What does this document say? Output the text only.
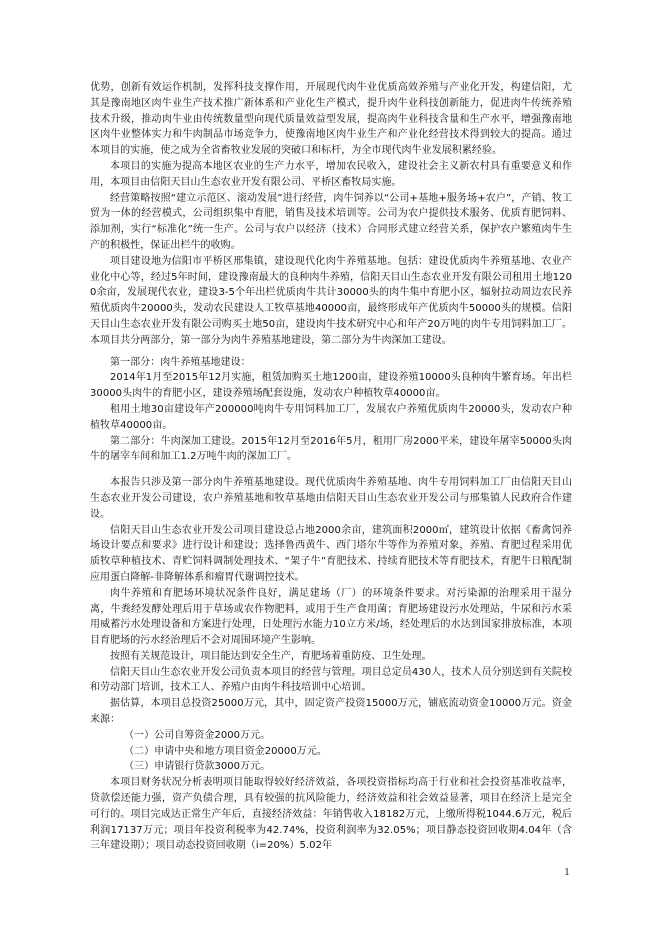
优势，创新有效运作机制，发挥科技支撑作用，开展现代肉牛业优质高效养殖与产业化开发，构建信阳，尤其是豫南地区肉牛业生产技术推广新体系和产业化生产模式，提升肉牛业科技创新能力，促进肉牛传统养殖技术升级，推动肉牛业由传统数量型向现代质量效益型发展，提高肉牛业科技含量和生产水平，增强豫南地区肉牛业整体实力和牛肉制品市场竞争力，使豫南地区肉牛业生产和产业化经营技术得到较大的提高。通过本项目的实施，使之成为全省畜牧业发展的突破口和标杆，为全市现代肉牛业发展积累经验。

本项目的实施为提高本地区农业的生产力水平，增加农民收入，建设社会主义新农村具有重要意义和作用，本项目由信阳天目山生态农业开发有限公司、平桥区畜牧局实施。

经营策略按照“建立示范区、滚动发展”进行经营，肉牛饲养以“公司+基地+服务场+农户”，产销、牧工贸为一体的经营模式，公司组织集中育肥，销售及技术培训等。公司为农户提供技术服务、优质育肥饲料、添加剂，实行“标准化”统一生产。公司与农户以经济（技术）合同形式建立经营关系，保护农户繁殖肉牛生产的积极性，保证出栏牛的收购。

项目建设地为信阳市平桥区邢集镇，建设现代化肉牛养殖基地。包括：建设优质肉牛养殖基地、农业产业化中心等，经过5年时间，建设豫南最大的良种肉牛养殖，信阳天目山生态农业开发有限公司租用土地1200余亩，发展现代农业，建设3-5个年出栏优质肉牛共计30000头的肉牛集中育肥小区，辐射拉动周边农民养殖优质肉牛20000头，发动农民建设人工牧草基地40000亩，最终形成年产优质肉牛50000头的规模。信阳天目山生态农业开发有限公司购买土地50亩，建设肉牛技术研究中心和年产20万吨的肉牛专用饲料加工厂。本项目共分两部分，第一部分为肉牛养殖基地建设，第二部分为牛肉深加工建设。

第一部分：肉牛养殖基地建设：

2014年1月至2015年12月实施，租赁加购买土地1200亩，建设养殖10000头良种肉牛繁育场。年出栏30000头肉牛的育肥小区，建设养殖场配套设施，发动农户种植牧草40000亩。

租用土地30亩建设年产200000吨肉牛专用饲料加工厂，发展农户养殖优质肉牛20000头，发动农户种植牧草40000亩。

第二部分：牛肉深加工建设。2015年12月至2016年5月，租用厂房2000平米，建设年屠宰50000头肉牛的屠宰车间和加工1.2万吨牛肉的深加工厂。

本报告只涉及第一部分肉牛养殖基地建设。现代优质肉牛养殖基地、肉牛专用饲料加工厂由信阳天目山生态农业开发公司建设，农户养殖基地和牧草基地由信阳天目山生态农业开发公司与邢集镇人民政府合作建设。

信阳天目山生态农业开发公司项目建设总占地2000余亩，建筑面积2000㎡，建筑设计依据《畜禽饲养场设计要点和要求》进行设计和建设；选择鲁西黄牛、西门塔尔牛等作为养殖对象，养殖、育肥过程采用优质牧草种植技术、青贮饲料调制处理技术、“架子牛”育肥技术、持续育肥技术等育肥技术，育肥牛日粮配制应用蛋白降解-非降解体系和瘤胃代谢调控技术。

肉牛养殖和育肥场环境状况条件良好，满足建场（厂）的环境条件要求。对污染源的治理采用干湿分离，牛粪经发酵处理后用于草场或农作物肥料，或用于生产食用菌；育肥场建设污水处理站，牛尿和污水采用威蓄污水处理设备和方案进行处理，日处理污水能力10立方米/场，经处理后的水达到国家排放标准，本项目育肥场的污水经治理后不会对周围环境产生影响。

按照有关规范设计，项目能达到安全生产，育肥场着重防疫、卫生处理。

信阳天目山生态农业开发公司负责本项目的经营与管理。项目总定员430人，技术人员分别送到有关院校和劳动部门培训，技术工人、养殖户由肉牛科技培训中心培训。

据估算，本项目总投资25000万元，其中，固定资产投资15000万元，铺底流动资金10000万元。资金来源：

（一）公司自筹资金2000万元。

（二）申请中央和地方项目资金20000万元。

（三）申请银行贷款3000万元。

本项目财务状况分析表明项目能取得较好经济效益，各项投资指标均高于行业和社会投资基准收益率，贷款偿还能力强，资产负债合理，具有较强的抗风险能力，经济效益和社会效益显著，项目在经济上是完全可行的。项目完成达正常生产年后，直接经济效益：年销售收入18182万元，上缴所得税1044.6万元，税后利润17137万元；项目年投资利税率为42.74%，投资利润率为32.05%；项目静态投资回收期4.04年（含三年建设期）；项目动态投资回收期（i=20%）5.02年

1
